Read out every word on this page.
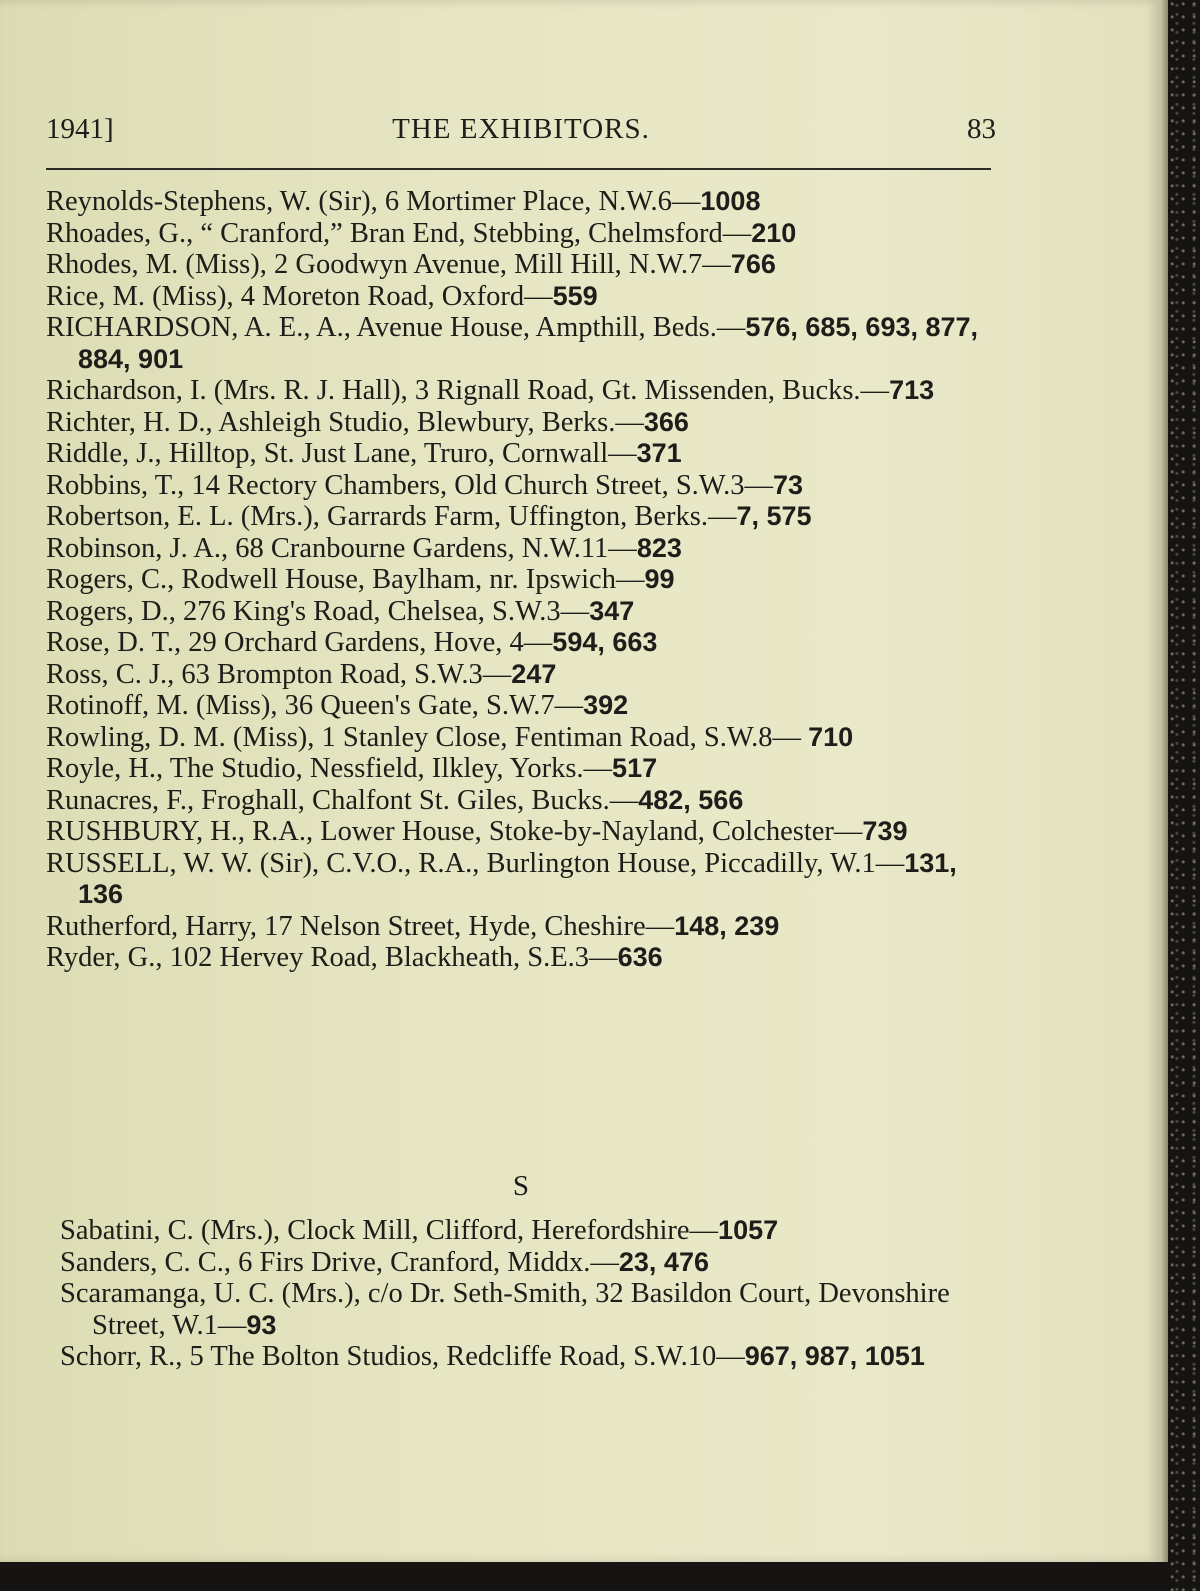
1941]	THE EXHIBITORS.	83

Reynolds-Stephens, W. (Sir), 6 Mortimer Place, N.W.6—1008

Rhoades, G., “ Cranford,” Bran End, Stebbing, Chelmsford—210

Rhodes, M. (Miss), 2 Goodwyn Avenue, Mill Hill, N.W.7—766

Rice, M. (Miss), 4 Moreton Road, Oxford—559

RICHARDSON, A. E., A., Avenue House, Ampthill, Beds.—576, 685, 693, 877, 884, 901

Richardson, I. (Mrs. R. J. Hall), 3 Rignall Road, Gt. Missenden, Bucks.—713

Richter, H. D., Ashleigh Studio, Blewbury, Berks.—366

Riddle, J., Hilltop, St. Just Lane, Truro, Cornwall—371

Robbins, T., 14 Rectory Chambers, Old Church Street, S.W.3—73

Robertson, E. L. (Mrs.), Garrards Farm, Uffington, Berks.—7, 575

Robinson, J. A., 68 Cranbourne Gardens, N.W.11—823

Rogers, C., Rodwell House, Baylham, nr. Ipswich—99

Rogers, D., 276 King's Road, Chelsea, S.W.3—347

Rose, D. T., 29 Orchard Gardens, Hove, 4—594, 663

Ross, C. J., 63 Brompton Road, S.W.3—247

Rotinoff, M. (Miss), 36 Queen's Gate, S.W.7—392

Rowling, D. M. (Miss), 1 Stanley Close, Fentiman Road, S.W.8— 710

Royle, H., The Studio, Nessfield, Ilkley, Yorks.—517

Runacres, F., Froghall, Chalfont St. Giles, Bucks.—482, 566

RUSHBURY, H., R.A., Lower House, Stoke-by-Nayland, Colchester—739

RUSSELL, W. W. (Sir), C.V.O., R.A., Burlington House, Piccadilly, W.1—131, 136

Rutherford, Harry, 17 Nelson Street, Hyde, Cheshire—148, 239

Ryder, G., 102 Hervey Road, Blackheath, S.E.3—636

S

Sabatini, C. (Mrs.), Clock Mill, Clifford, Herefordshire—1057

Sanders, C. C., 6 Firs Drive, Cranford, Middx.—23, 476

Scaramanga, U. C. (Mrs.), c/o Dr. Seth-Smith, 32 Basildon Court, Devonshire Street, W.1—93

Schorr, R., 5 The Bolton Studios, Redcliffe Road, S.W.10—967, 987, 1051
